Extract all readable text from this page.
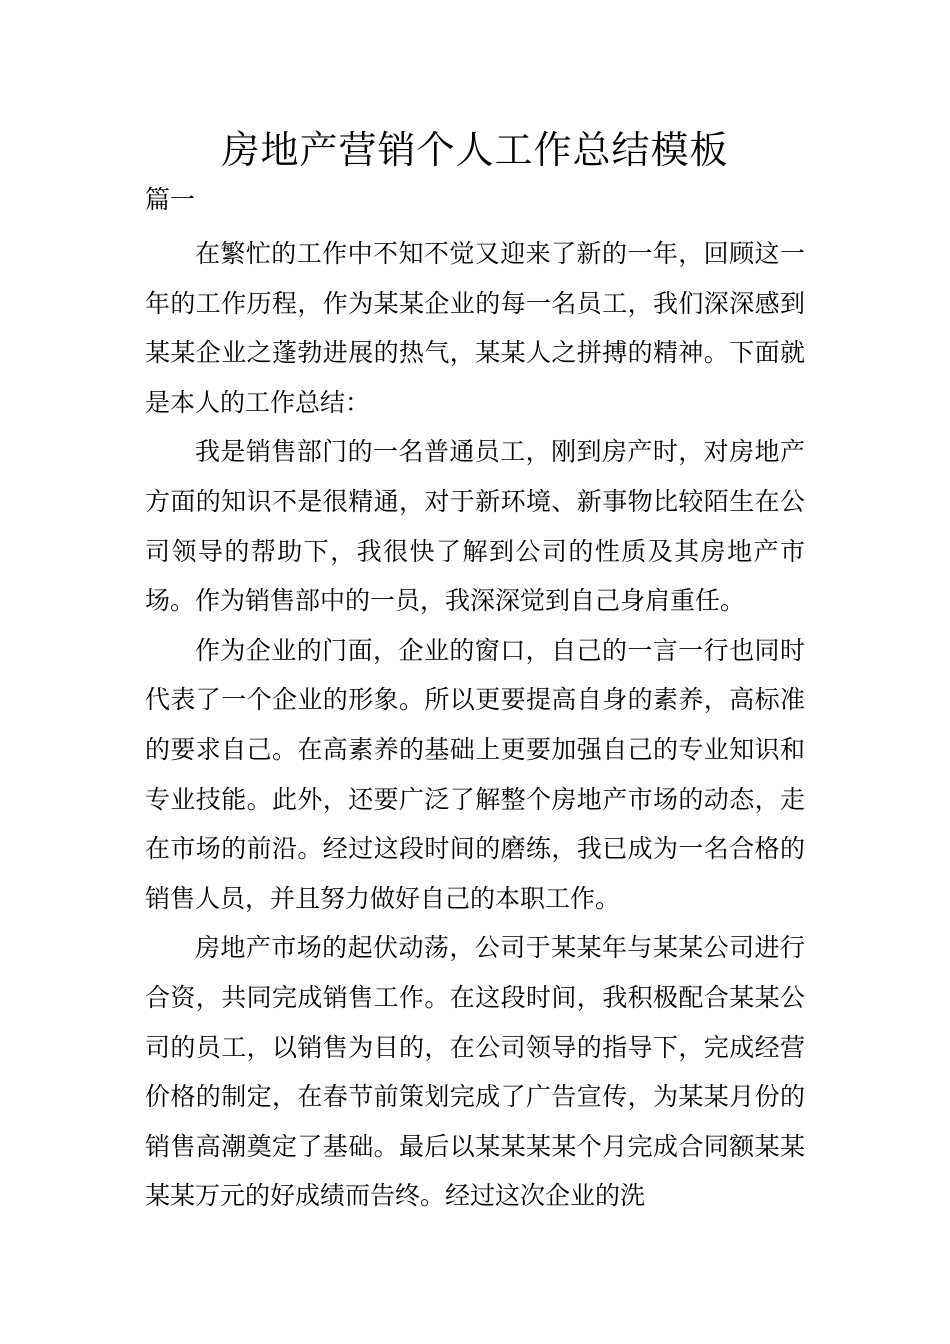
房地产营销个人工作总结模板
篇一

在繁忙的工作中不知不觉又迎来了新的一年，回顾这一年的工作历程，作为某某企业的每一名员工，我们深深感到某某企业之蓬勃进展的热气，某某人之拼搏的精神。下面就是本人的工作总结：

我是销售部门的一名普通员工，刚到房产时，对房地产方面的知识不是很精通，对于新环境、新事物比较陌生在公司领导的帮助下，我很快了解到公司的性质及其房地产市场。作为销售部中的一员，我深深觉到自己身肩重任。

作为企业的门面，企业的窗口，自己的一言一行也同时代表了一个企业的形象。所以更要提高自身的素养，高标准的要求自己。在高素养的基础上更要加强自己的专业知识和专业技能。此外，还要广泛了解整个房地产市场的动态，走在市场的前沿。经过这段时间的磨练，我已成为一名合格的销售人员，并且努力做好自己的本职工作。

房地产市场的起伏动荡，公司于某某年与某某公司进行合资，共同完成销售工作。在这段时间，我积极配合某某公司的员工，以销售为目的，在公司领导的指导下，完成经营价格的制定，在春节前策划完成了广告宣传，为某某月份的销售高潮奠定了基础。最后以某某某某个月完成合同额某某某某万元的好成绩而告终。经过这次企业的洗
